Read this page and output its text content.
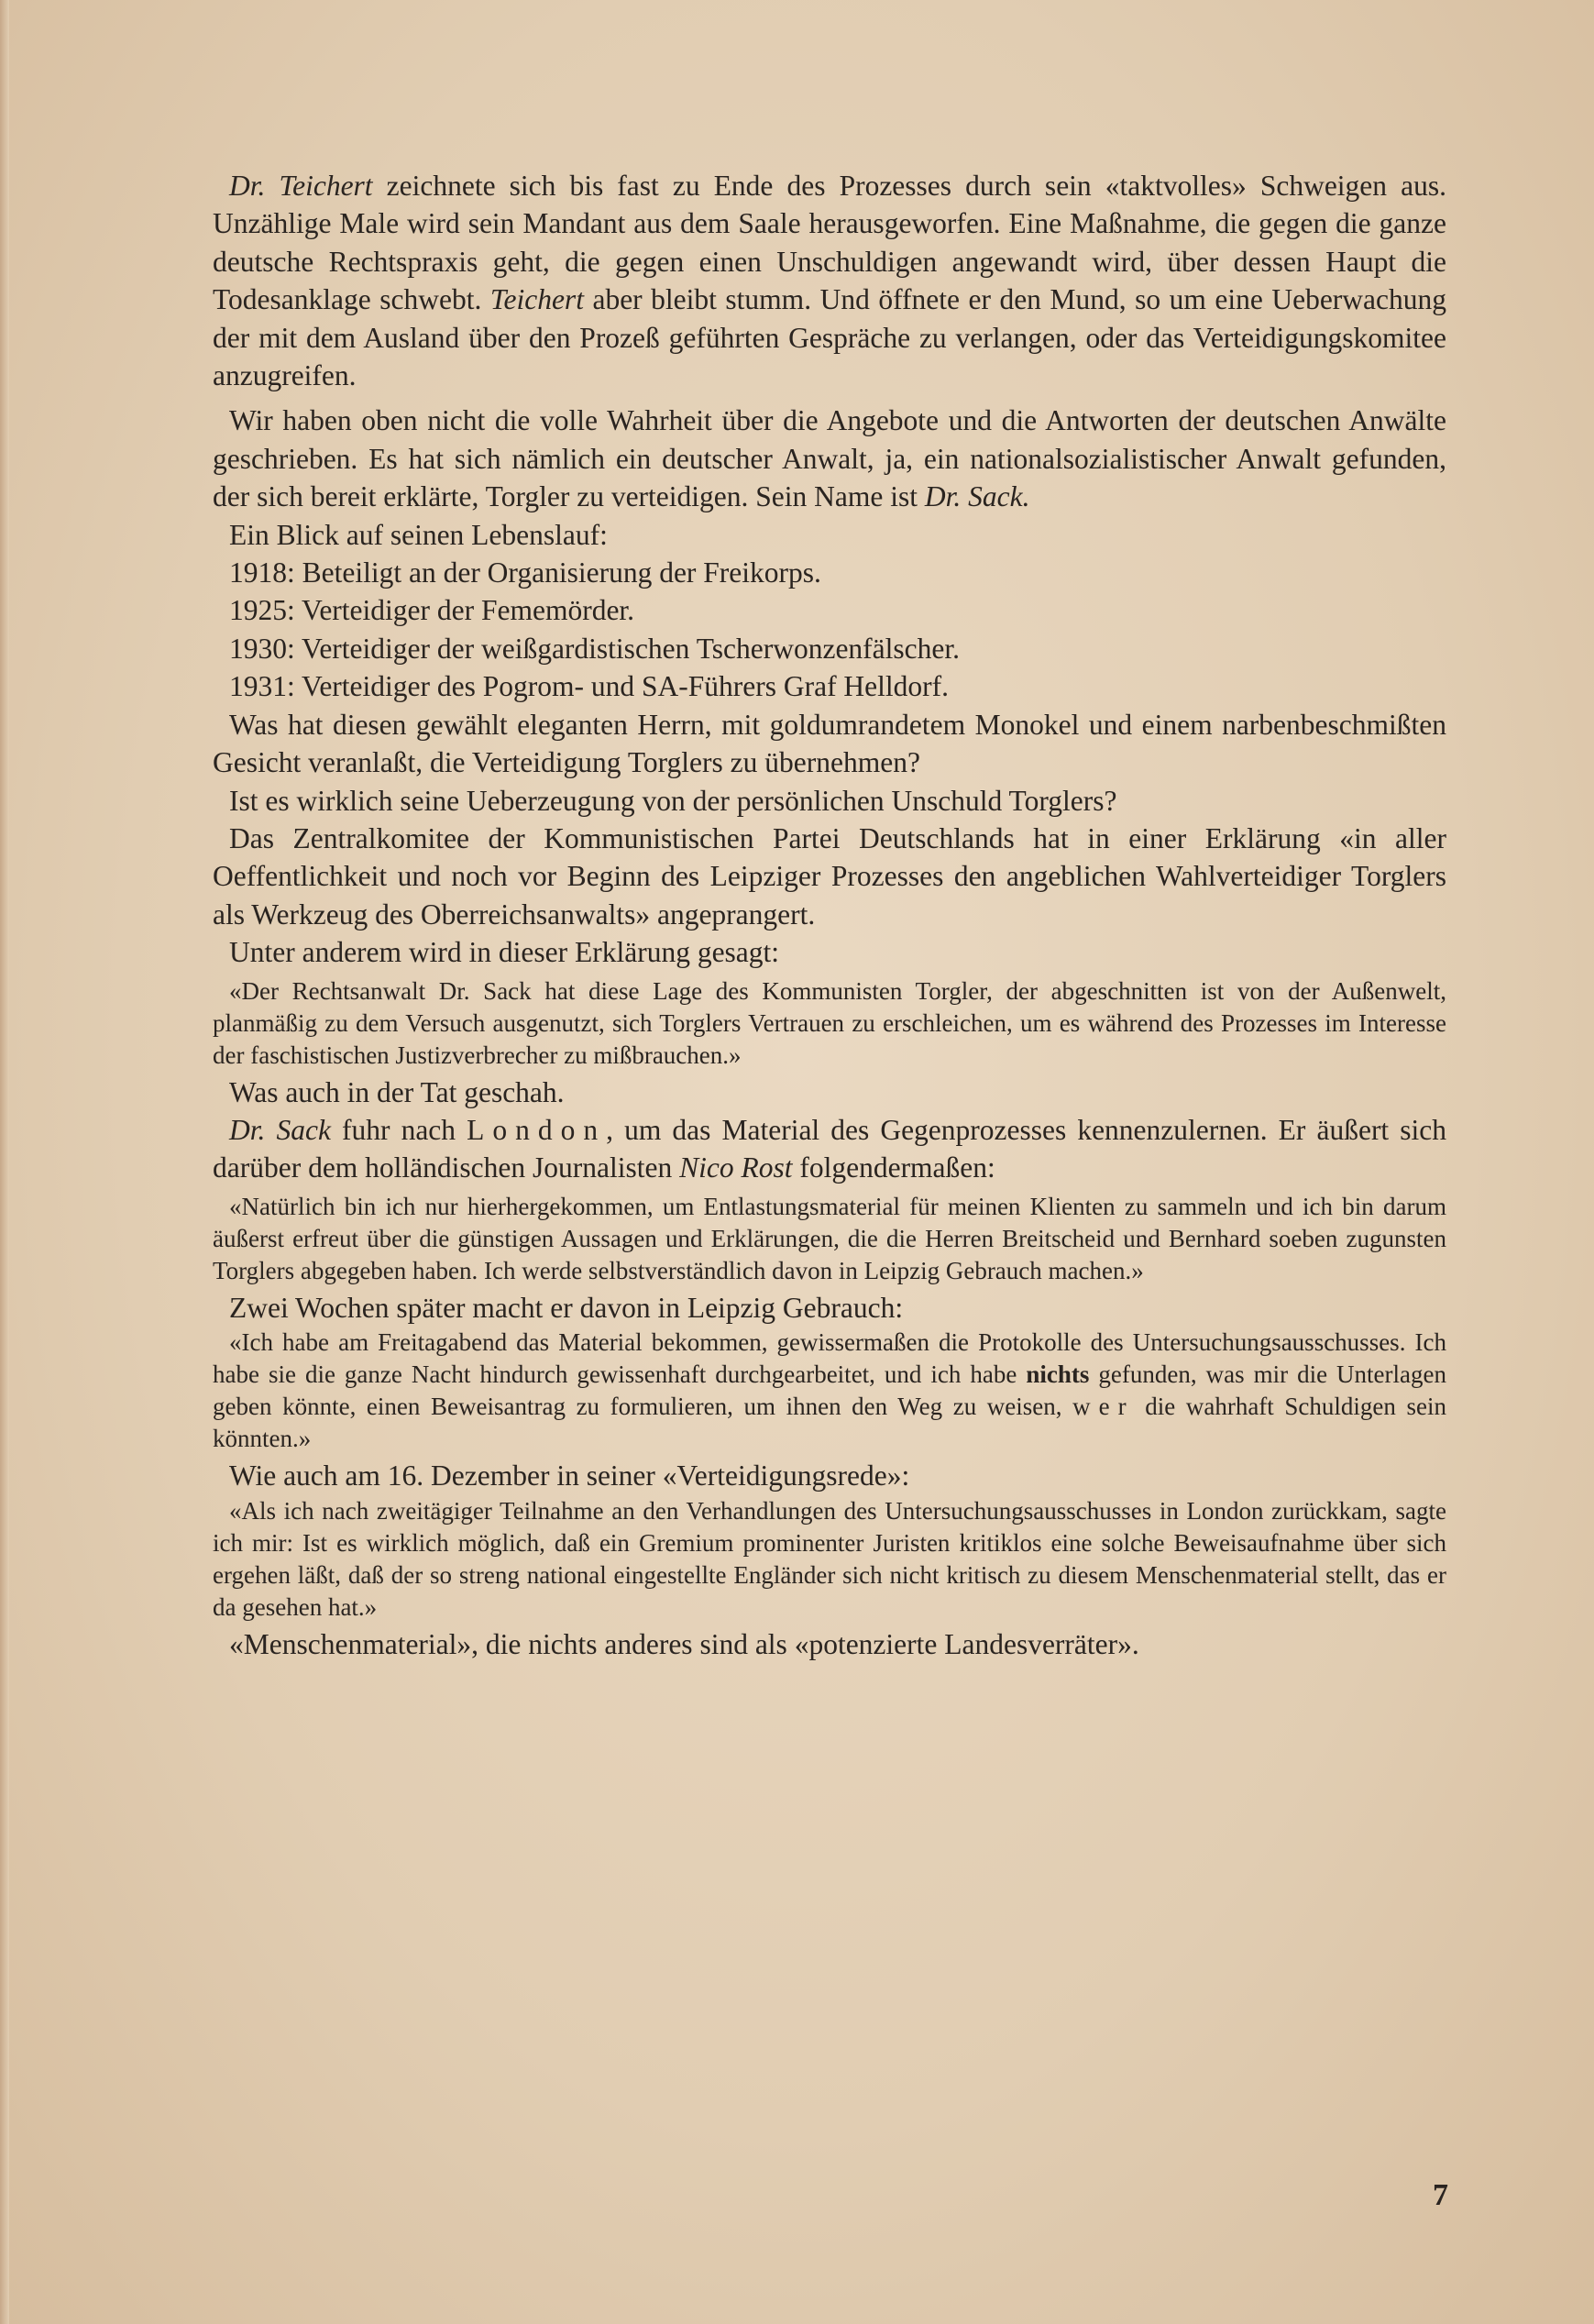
Dr. Teichert zeichnete sich bis fast zu Ende des Prozesses durch sein «taktvolles» Schweigen aus. Unzählige Male wird sein Mandant aus dem Saale herausgeworfen. Eine Maßnahme, die gegen die ganze deutsche Rechtspraxis geht, die gegen einen Unschuldigen angewandt wird, über dessen Haupt die Todesanklage schwebt. Teichert aber bleibt stumm. Und öffnete er den Mund, so um eine Ueberwachung der mit dem Ausland über den Prozeß geführten Gespräche zu verlangen, oder das Verteidigungskomitee anzugreifen.

Wir haben oben nicht die volle Wahrheit über die Angebote und die Antworten der deutschen Anwälte geschrieben. Es hat sich nämlich ein deutscher Anwalt, ja, ein nationalsozialistischer Anwalt gefunden, der sich bereit erklärte, Torgler zu verteidigen. Sein Name ist Dr. Sack.

Ein Blick auf seinen Lebenslauf:

1918: Beteiligt an der Organisierung der Freikorps.
1925: Verteidiger der Fememörder.
1930: Verteidiger der weißgardistischen Tscherwonzenfälscher.
1931: Verteidiger des Pogrom- und SA-Führers Graf Helldorf.

Was hat diesen gewählt eleganten Herrn, mit goldumrandetem Monokel und einem narbenbeschmißten Gesicht veranlaßt, die Verteidigung Torglers zu übernehmen?

Ist es wirklich seine Ueberzeugung von der persönlichen Unschuld Torglers?

Das Zentralkomitee der Kommunistischen Partei Deutschlands hat in einer Erklärung «in aller Oeffentlichkeit und noch vor Beginn des Leipziger Prozesses den angeblichen Wahlverteidiger Torglers als Werkzeug des Oberreichsanwalts» angeprangert.

Unter anderem wird in dieser Erklärung gesagt:

«Der Rechtsanwalt Dr. Sack hat diese Lage des Kommunisten Torgler, der abgeschnitten ist von der Außenwelt, planmäßig zu dem Versuch ausgenutzt, sich Torglers Vertrauen zu erschleichen, um es während des Prozesses im Interesse der faschistischen Justizverbrecher zu mißbrauchen.»

Was auch in der Tat geschah.

Dr. Sack fuhr nach London, um das Material des Gegenprozesses kennenzulernen. Er äußert sich darüber dem holländischen Journalisten Nico Rost folgendermaßen:

«Natürlich bin ich nur hierhergekommen, um Entlastungsmaterial für meinen Klienten zu sammeln und ich bin darum äußerst erfreut über die günstigen Aussagen und Erklärungen, die die Herren Breitscheid und Bernhard soeben zugunsten Torglers abgegeben haben. Ich werde selbstverständlich davon in Leipzig Gebrauch machen.»

Zwei Wochen später macht er davon in Leipzig Gebrauch:

«Ich habe am Freitagabend das Material bekommen, gewissermaßen die Protokolle des Untersuchungsausschusses. Ich habe sie die ganze Nacht hindurch gewissenhaft durchgearbeitet, und ich habe nichts gefunden, was mir die Unterlagen geben könnte, einen Beweisantrag zu formulieren, um ihnen den Weg zu weisen, wer die wahrhaft Schuldigen sein könnten.»

Wie auch am 16. Dezember in seiner «Verteidigungsrede»:

«Als ich nach zweitägiger Teilnahme an den Verhandlungen des Untersuchungsausschusses in London zurückkam, sagte ich mir: Ist es wirklich möglich, daß ein Gremium prominenter Juristen kritiklos eine solche Beweisaufnahme über sich ergehen läßt, daß der so streng national eingestellte Engländer sich nicht kritisch zu diesem Menschenmaterial stellt, das er da gesehen hat.»

«Menschenmaterial», die nichts anderes sind als «potenzierte Landesverräter».

7
